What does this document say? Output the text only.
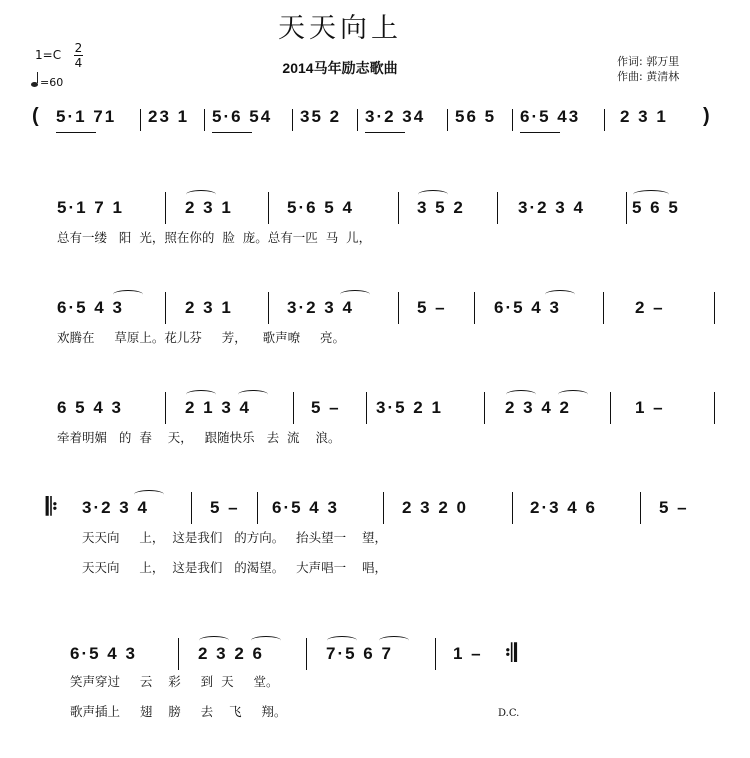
天天向上
2014马年励志歌曲	作词: 郭万里
作曲: 黄清林
1=C 2
4
=60
( 5·1 71 23 1 5·6 54 35 2 3·2 34 56 5 6·5 43 2 3 1 )
5·1 7 1	2 3 1	5·6 5 4	3 5 2	3·2 3 4	5 6 5
总有一缕   阳  光，照在你的  脸  庞。总有一匹  马  儿，
6·5 4 3	2 3 1	3·2 3 4	5 –	6·5 4 3	2 –
欢腾在     草原上。花儿芬     芳，    歌声嘹     亮。
6 5 4 3	2 1 3 4	5 – 3·5 2 1	2 3 4 2	1 –
牵着明媚   的  春    天，   跟随快乐   去  流    浪。
𝄆 3·2 3 4	5 – 6·5 4 3	2 3 2 0	2·3 4 6	5 –
天天向     上，  这是我们   的方向。   抬头望一    望，
天天向     上，  这是我们   的渴望。   大声唱一    唱，
6·5 4 3	2 3 2 6	7·5 6 7	1 – 𝄇
笑声穿过     云    彩     到  天     堂。
歌声插上     翅    膀     去    飞     翔。	D.C.
